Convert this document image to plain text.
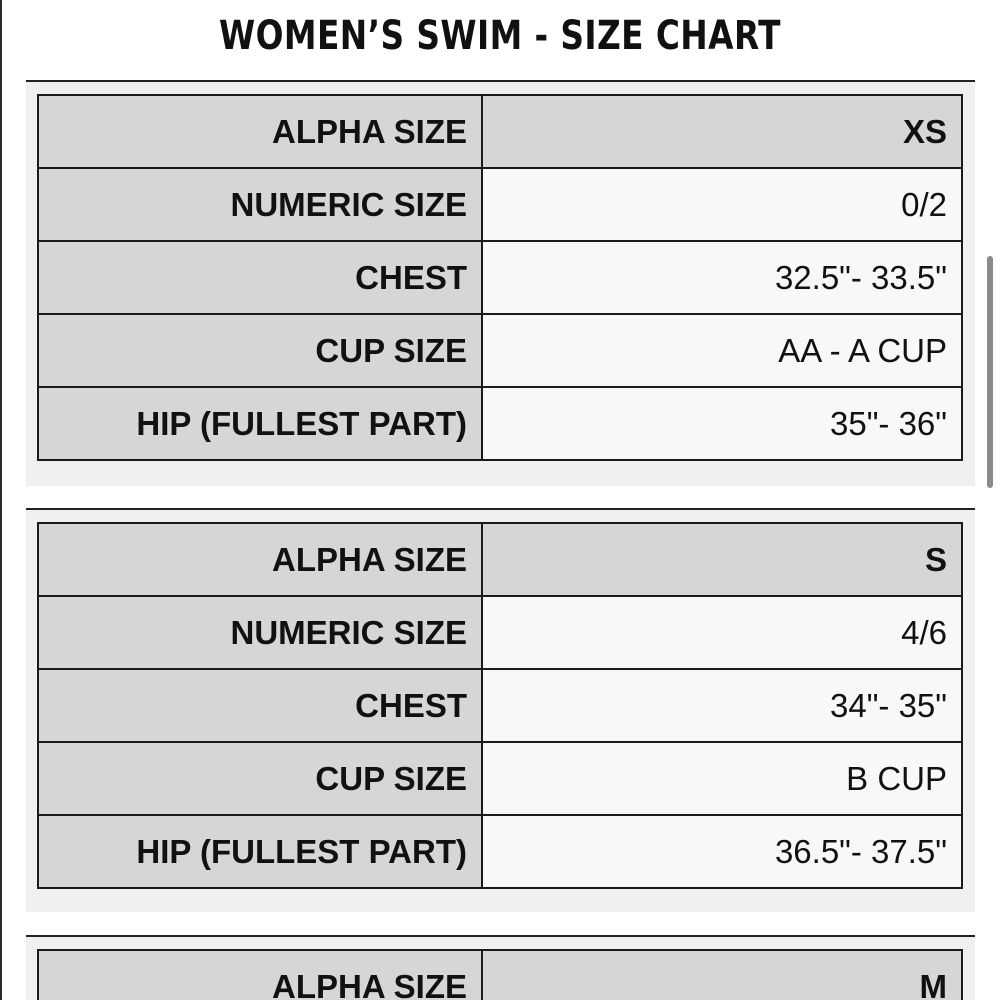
WOMEN’S SWIM - SIZE CHART
ALPHA SIZE	XS
NUMERIC SIZE	0/2
CHEST	32.5"- 33.5"
CUP SIZE	AA - A CUP
HIP (FULLEST PART)	35"- 36"
ALPHA SIZE	S
NUMERIC SIZE	4/6
CHEST	34"- 35"
CUP SIZE	B CUP
HIP (FULLEST PART)	36.5"- 37.5"
ALPHA SIZE	M
